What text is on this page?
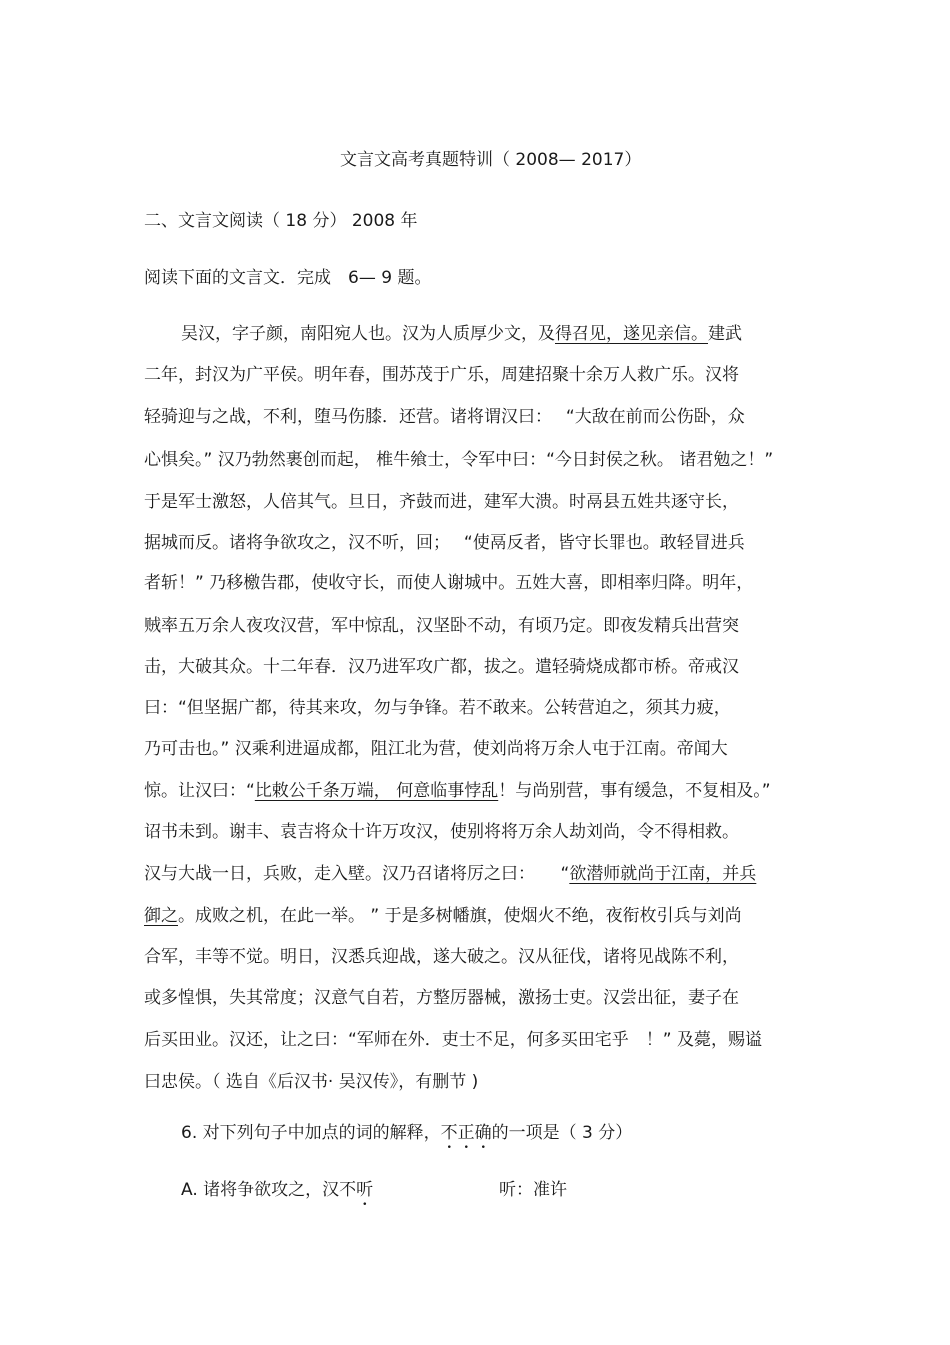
文言文高考真题特训（ 2008— 2017）
二、文言文阅读（ 18 分） 2008 年
阅读下面的文言文．完成　6— 9 题。
吴汉，字子颜，南阳宛人也。汉为人质厚少文，及得召见，遂见亲信。建武
二年，封汉为广平侯。明年春，围苏茂于广乐，周建招聚十余万人救广乐。汉将
轻骑迎与之战，不利，堕马伤膝．还营。诸将谓汉曰：　 “大敌在前而公伤卧，众
心惧矣。” 汉乃勃然裹创而起， 椎牛飨士，令军中曰：“今日封侯之秋。 诸君勉之！”
于是军士激怒，人倍其气。旦日，齐鼓而进，建军大溃。时鬲县五姓共逐守长，
据城而反。诸将争欲攻之，汉不听，回；　 “使鬲反者，皆守长罪也。敢轻冒进兵
者斩！” 乃移檄告郡，使收守长，而使人谢城中。五姓大喜，即相率归降。明年，
贼率五万余人夜攻汉营，军中惊乱，汉坚卧不动，有顷乃定。即夜发精兵出营突
击，大破其众。十二年春．汉乃进军攻广都，拔之。遣轻骑烧成都市桥。帝戒汉
曰：“但坚据广都，待其来攻，勿与争锋。若不敢来。公转营迫之，须其力疲，
乃可击也。” 汉乘利进逼成都，阻江北为营，使刘尚将万余人屯于江南。帝闻大
惊。让汉曰：“比敕公千条万端， 何意临事悖乱！与尚别营，事有缓急，不复相及。”
诏书未到。谢丰、袁吉将众十许万攻汉，使别将将万余人劫刘尚，令不得相救。
汉与大战一日，兵败，走入壁。汉乃召诸将厉之曰：　　“欲潜师就尚于江南，并兵
御之。成败之机，在此一举。 ” 于是多树幡旗，使烟火不绝，夜衔枚引兵与刘尚
合军，丰等不觉。明日，汉悉兵迎战，遂大破之。汉从征伐，诸将见战陈不利，
或多惶惧，失其常度；汉意气自若，方整厉器械，激扬士吏。汉尝出征，妻子在
后买田业。汉还，让之曰：“军师在外．吏士不足，何多买田宅乎　！” 及薨，赐谥
曰忠侯。（ 选自《后汉书· 吴汉传》，有删节 )
6. 对下列句子中加点的词的解释，不正确的一项是（ 3 分）
A. 诸将争欲攻之，汉不听	听：准许
